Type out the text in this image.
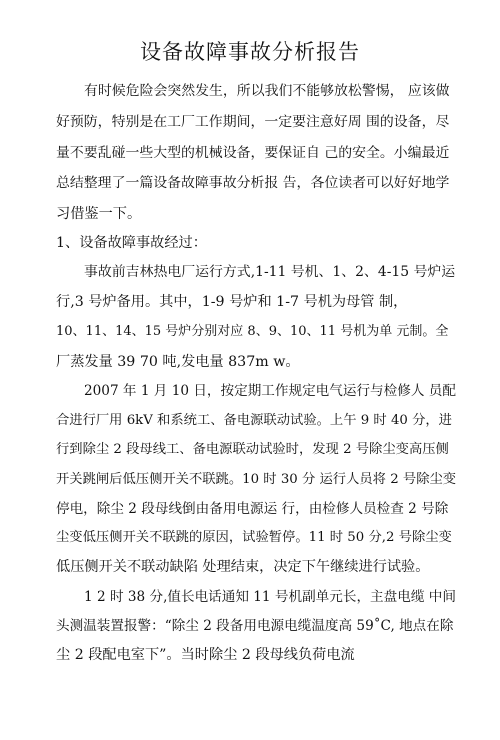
设备故障事故分析报告
有时候危险会突然发生，所以我们不能够放松警惕， 应该做
好预防，特别是在工厂工作期间，一定要注意好周 围的设备，尽
量不要乱碰一些大型的机械设备，要保证自 己的安全。小编最近
总结整理了一篇设备故障事故分析报 告，各位读者可以好好地学
习借鉴一下。
1、设备故障事故经过：
事故前吉林热电厂运行方式,1-11 号机、1、2、4-15 号炉运
行,3 号炉备用。其中，1-9 号炉和 1-7 号机为母管 制，
10、11、14、15 号炉分别对应 8、9、10、11 号机为单 元制。全
厂蒸发量 39 70 吨,发电量 837m w。
2007 年 1 月 10 日，按定期工作规定电气运行与检修人 员配
合进行厂用 6kV 和系统工、备电源联动试验。上午 9 时 40 分，进
行到除尘 2 段母线工、备电源联动试验时，发现 2 号除尘变高压侧
开关跳闸后低压侧开关不联跳。10 时 30 分 运行人员将 2 号除尘变
停电，除尘 2 段母线倒由备用电源运 行，由检修人员检查 2 号除
尘变低压侧开关不联跳的原因，试验暂停。11 时 50 分,2 号除尘变
低压侧开关不联动缺陷 处理结束，决定下午继续进行试验。
1 2 时 38 分,值长电话通知 11 号机副单元长，主盘电缆 中间
头测温装置报警：“除尘 2 段备用电源电缆温度高 59˚C, 地点在除
尘 2 段配电室下”。当时除尘 2 段母线负荷电流
